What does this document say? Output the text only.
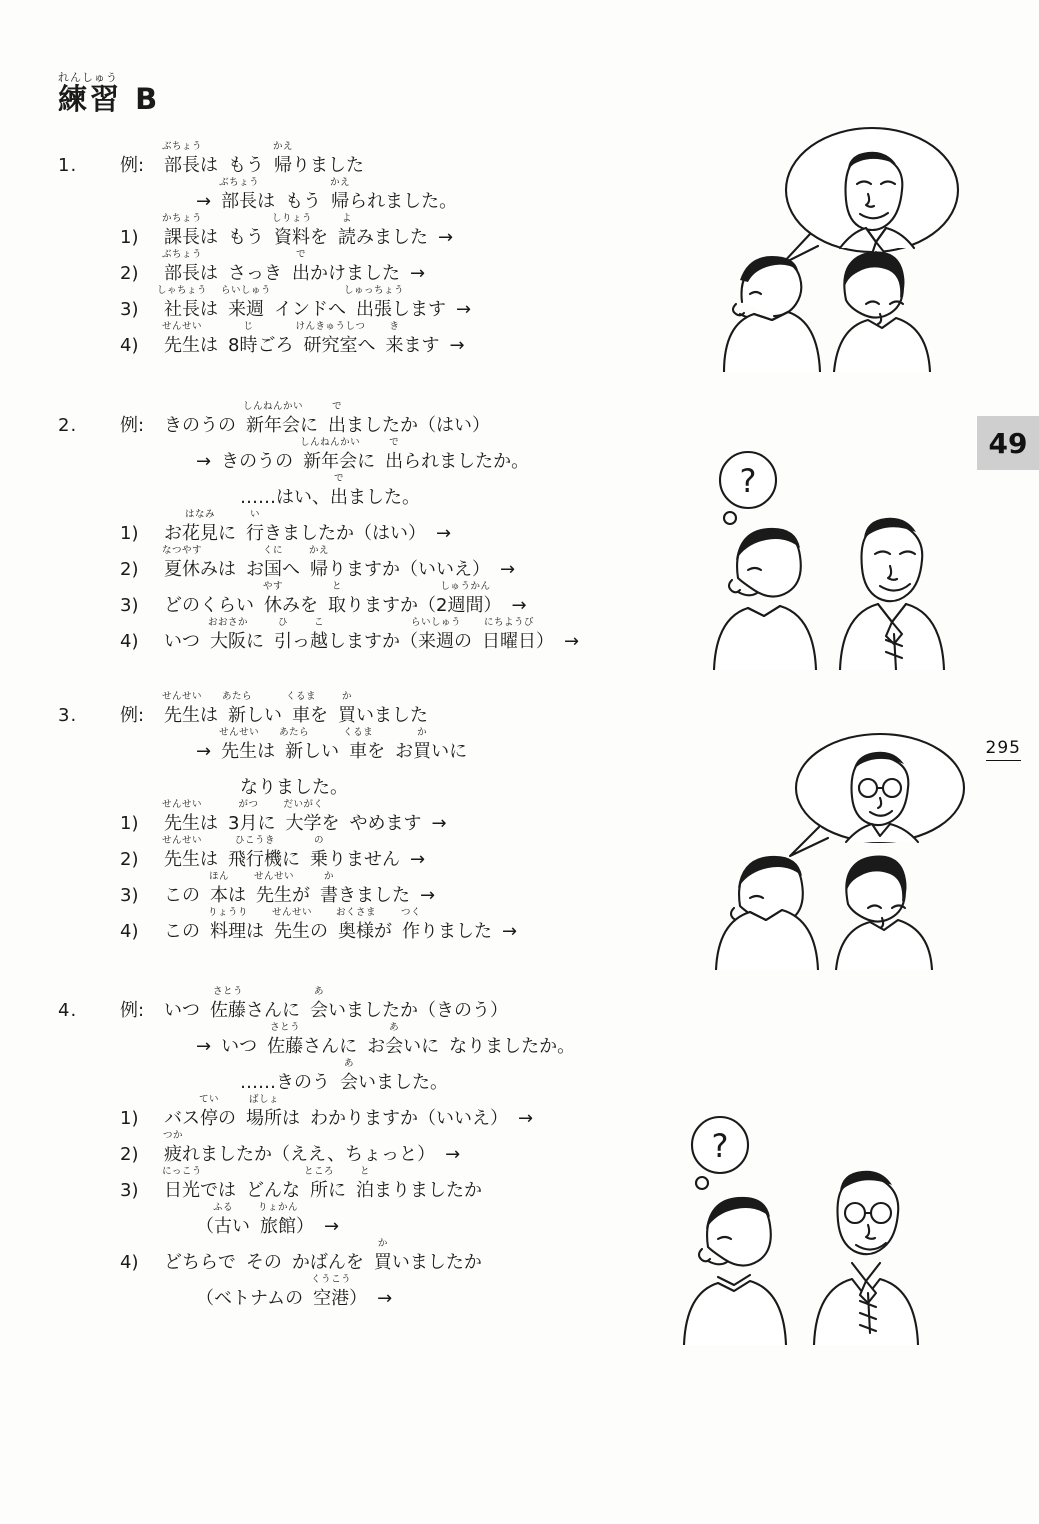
れんしゅう
練習 B
49
295
1. 例:
ぶちょう
部長は もう
かえ
帰りました
→
ぶちょう
部長は もう
かえ
帰られました。
1)
かちょう
課長は もう
しりょう
資料を
よ
読みました →
2)
ぶちょう
部長は さっき
で
出かけました →
3)
しゃちょう
社長は
らいしゅう
来週 インドへ
しゅっちょう
出張します →
4)
せんせい
先生は 8
じ
時ごろ
けんきゅうしつ
研究室へ
き
来ます →
2. 例: きのうの
しんねんかい
新年会に
で
出ましたか（はい）
→ きのうの
しんねんかい
新年会に
で
出られましたか。
……はい、
で
出ました。
1) お
はなみ
花見に
い
行きましたか（はい） →
2)
なつやす
夏休みは お
くに
国へ
かえ
帰りますか（いいえ） →
3) どのくらい
やす
休みを
と
取りますか（2
しゅうかん
週間） →
4) いつ
おおさか
大阪に
ひ
引っ
こ
越しますか（
らいしゅう
来週の
にちようび
日曜日） →
3. 例:
せんせい
先生は
あたら
新しい
くるま
車を
か
買いました
→
せんせい
先生は
あたら
新しい
くるま
車を お
か
買いに
なりました。
1)
せんせい
先生は 3
がつ
月に
だいがく
大学を やめます →
2)
せんせい
先生は
ひこうき
飛行機に
の
乗りません →
3) この
ほん
本は
せんせい
先生が
か
書きました →
4) この
りょうり
料理は
せんせい
先生の
おくさま
奥様が
つく
作りました →
4. 例: いつ
さとう
佐藤さんに
あ
会いましたか（きのう）
→ いつ
さとう
佐藤さんに お
あ
会いに なりましたか。
……きのう
あ
会いました。
1) バス
てい
停の
ばしょ
場所は わかりますか（いいえ） →
2)
つか
疲れましたか（ええ、ちょっと） →
3)
にっこう
日光では どんな
ところ
所に
と
泊まりましたか
（
ふる
古い
りょかん
旅館） →
4) どちらで その かばんを
か
買いましたか
（ベトナムの
くうこう
空港） →
?
?
